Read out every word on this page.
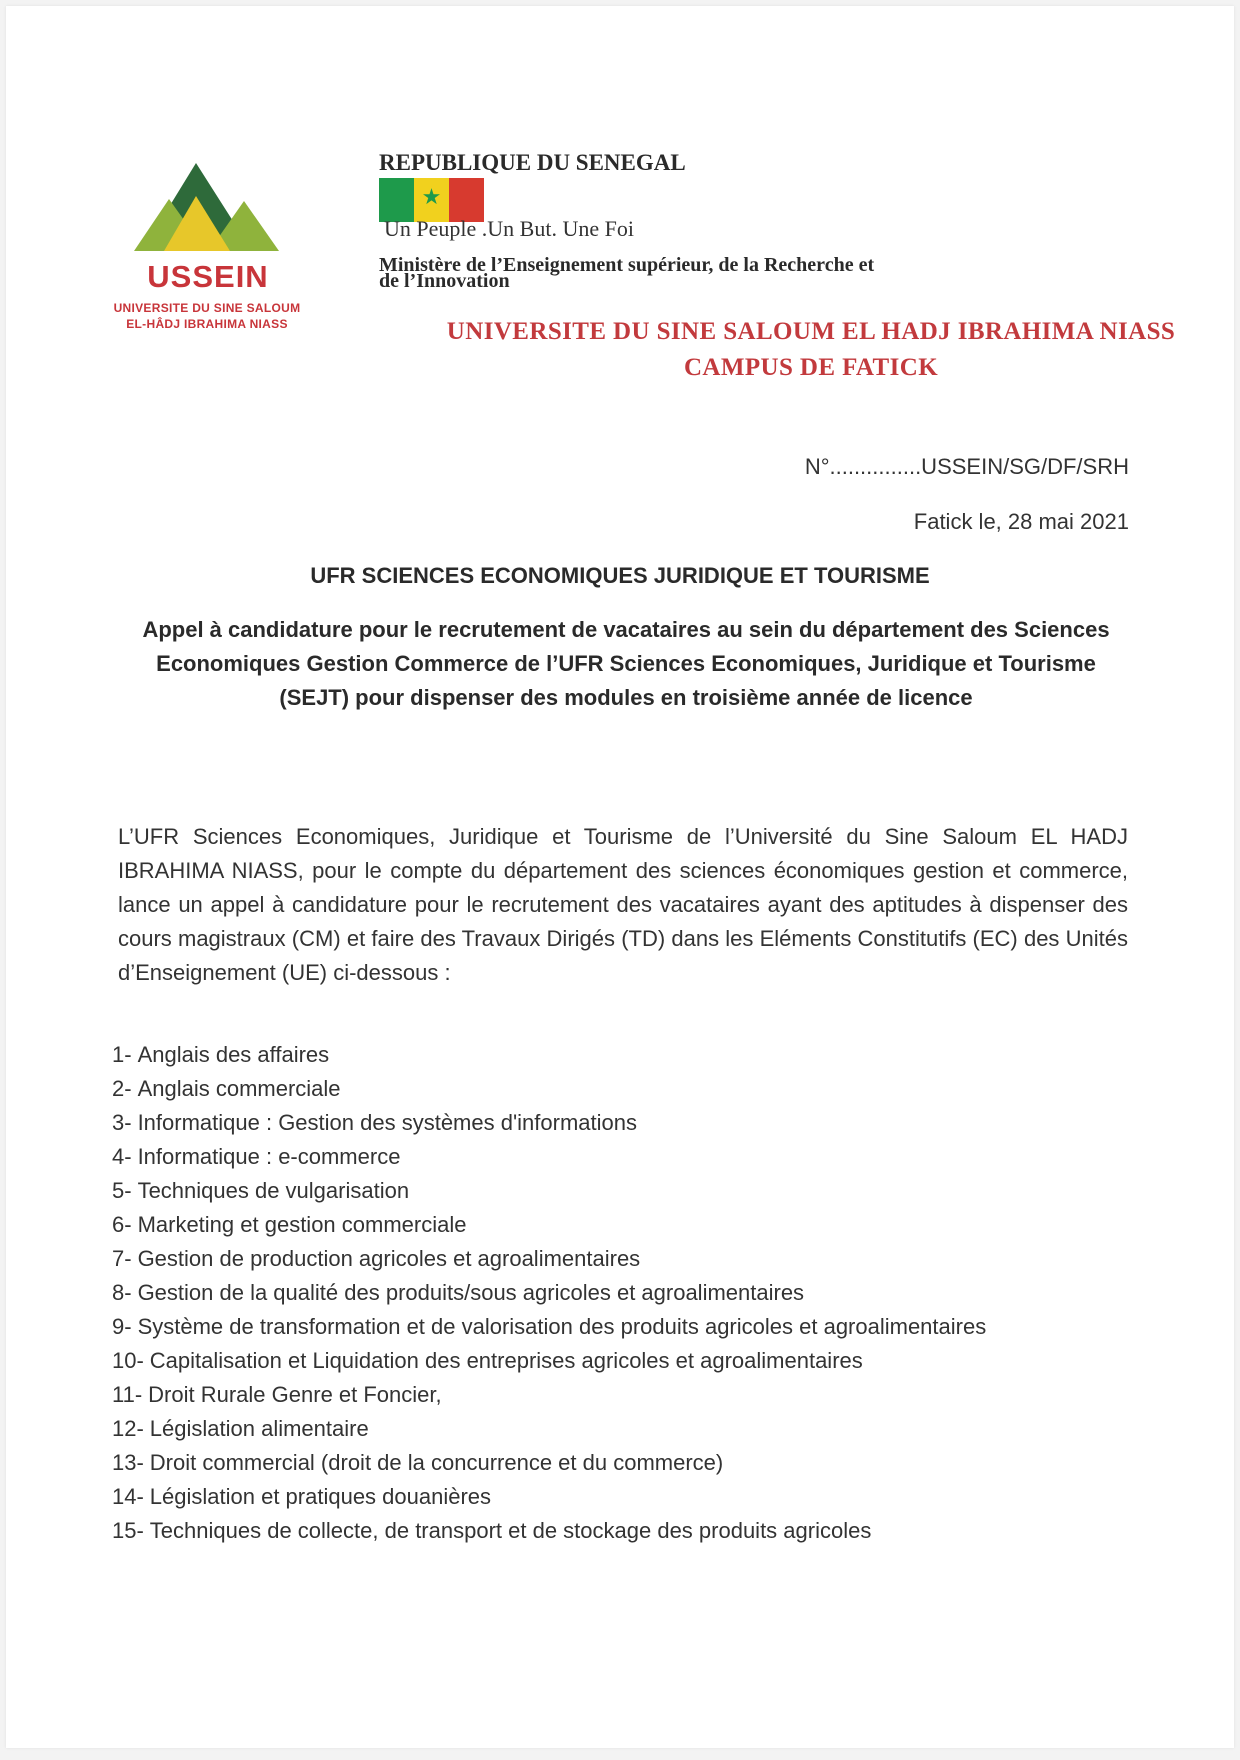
USSEIN
UNIVERSITE DU SINE SALOUM
EL-HÂDJ IBRAHIMA NIASS
REPUBLIQUE DU SENEGAL
★
Un Peuple .Un But. Une Foi
Ministère de l’Enseignement supérieur, de la Recherche et
de l’Innovation
UNIVERSITE DU SINE SALOUM EL HADJ IBRAHIMA NIASS
CAMPUS DE FATICK
N°...............USSEIN/SG/DF/SRH
Fatick le, 28 mai 2021
UFR SCIENCES ECONOMIQUES JURIDIQUE ET TOURISME
Appel à candidature pour le recrutement de vacataires au sein du département des Sciences Economiques Gestion Commerce de l’UFR Sciences Economiques, Juridique et Tourisme (SEJT) pour dispenser des modules en troisième année de licence
L’UFR Sciences Economiques, Juridique et Tourisme de l’Université du Sine Saloum EL HADJ IBRAHIMA NIASS, pour le compte du département des sciences économiques gestion et commerce, lance un appel à candidature pour le recrutement des vacataires ayant des aptitudes à dispenser des cours magistraux (CM) et faire des Travaux Dirigés (TD) dans les Eléments Constitutifs (EC) des Unités d’Enseignement (UE) ci-dessous :
1- Anglais des affaires
2- Anglais commerciale
3- Informatique : Gestion des systèmes d'informations
4- Informatique : e-commerce
5- Techniques de vulgarisation
6- Marketing et gestion commerciale
7- Gestion de production agricoles et agroalimentaires
8- Gestion de la qualité des produits/sous agricoles et agroalimentaires
9- Système de transformation et de valorisation des produits agricoles et agroalimentaires
10- Capitalisation et Liquidation des entreprises agricoles et agroalimentaires
11- Droit Rurale Genre et Foncier,
12- Législation alimentaire
13- Droit commercial (droit de la concurrence et du commerce)
14- Législation et pratiques douanières
15- Techniques de collecte, de transport et de stockage des produits agricoles
